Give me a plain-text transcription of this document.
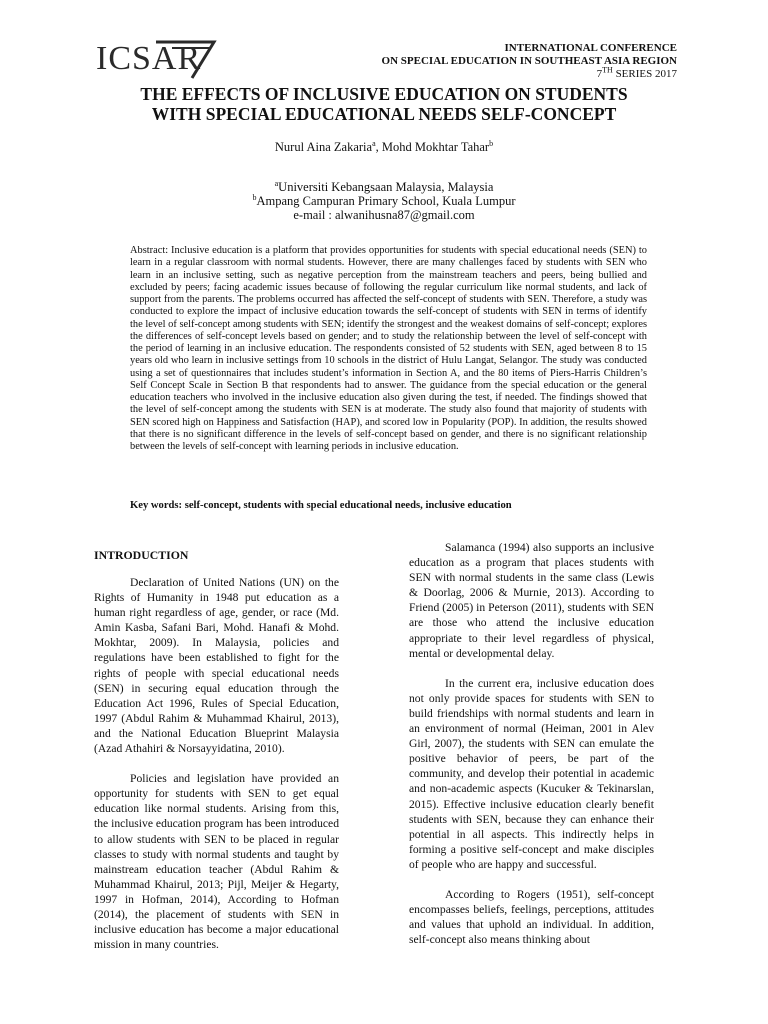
ICSAR	INTERNATIONAL CONFERENCE
ON SPECIAL EDUCATION IN SOUTHEAST ASIA REGION
7TH SERIES 2017
THE EFFECTS OF INCLUSIVE EDUCATION ON STUDENTS
WITH SPECIAL EDUCATIONAL NEEDS SELF-CONCEPT
Nurul Aina Zakaria$^a$, Mohd Mokhtar Tahar$^b$
$^a$Universiti Kebangsaan Malaysia, Malaysia
$^b$Ampang Campuran Primary School, Kuala Lumpur
e-mail : alwanihusna87@gmail.com
Abstract: Inclusive education is a platform that provides opportunities for students with special educational needs (SEN) to learn in a regular classroom with normal students. However, there are many challenges faced by students with SEN who learn in an inclusive setting, such as negative perception from the mainstream teachers and peers, being bullied and excluded by peers; facing academic issues because of following the regular curriculum like normal students, and lack of support from the parents. The problems occurred has affected the self-concept of students with SEN. Therefore, a study was conducted to explore the impact of inclusive education towards the self-concept of students with SEN in terms of identify the level of self-concept among students with SEN; identify the strongest and the weakest domains of self-concept; explores the differences of self-concept levels based on gender; and to study the relationship between the level of self-concept with the period of learning in an inclusive education. The respondents consisted of 52 students with SEN, aged between 8 to 15 years old who learn in inclusive settings from 10 schools in the district of Hulu Langat, Selangor. The study was conducted using a set of questionnaires that includes student’s information in Section A, and the 80 items of Piers-Harris Children’s Self Concept Scale in Section B that respondents had to answer. The guidance from the special education or the general education teachers who involved in the inclusive education also given during the test, if needed. The findings showed that the level of self-concept among the students with SEN is at moderate. The study also found that majority of students with SEN scored high on Happiness and Satisfaction (HAP), and scored low in Popularity (POP). In addition, the results showed that there is no significant difference in the levels of self-concept based on gender, and there is no significant relationship between the levels of self-concept with learning periods in inclusive education.
Key words: self-concept, students with special educational needs, inclusive education
INTRODUCTION

Declaration of United Nations (UN) on the Rights of Humanity in 1948 put education as a human right regardless of age, gender, or race (Md. Amin Kasba, Safani Bari, Mohd. Hanafi & Mohd. Mokhtar, 2009). In Malaysia, policies and regulations have been established to fight for the rights of people with special educational needs (SEN) in securing equal education through the Education Act 1996, Rules of Special Education, 1997 (Abdul Rahim & Muhammad Khairul, 2013), and the National Education Blueprint Malaysia (Azad Athahiri & Norsayyidatina, 2010).

Policies and legislation have provided an opportunity for students with SEN to get equal education like normal students. Arising from this, the inclusive education program has been introduced to allow students with SEN to be placed in regular classes to study with normal students and taught by mainstream education teacher (Abdul Rahim & Muhammad Khairul, 2013; Pijl, Meijer & Hegarty, 1997 in Hofman, 2014), According to Hofman (2014), the placement of students with SEN in inclusive education has become a major educational mission in many countries.

Salamanca (1994) also supports an inclusive education as a program that places students with SEN with normal students in the same class (Lewis & Doorlag, 2006 & Murnie, 2013). According to Friend (2005) in Peterson (2011), students with SEN are those who attend the inclusive education appropriate to their level regardless of physical, mental or developmental delay.

In the current era, inclusive education does not only provide spaces for students with SEN to build friendships with normal students and learn in an environment of normal (Heiman, 2001 in Alev Girl, 2007), the students with SEN can emulate the positive behavior of peers, be part of the community, and develop their potential in academic and non-academic aspects (Kucuker & Tekinarslan, 2015). Effective inclusive education clearly benefit students with SEN, because they can enhance their potential in all aspects. This indirectly helps in forming a positive self-concept and make disciples of people who are happy and successful.

According to Rogers (1951), self-concept encompasses beliefs, feelings, perceptions, attitudes and values that uphold an individual. In addition, self-concept also means thinking about
